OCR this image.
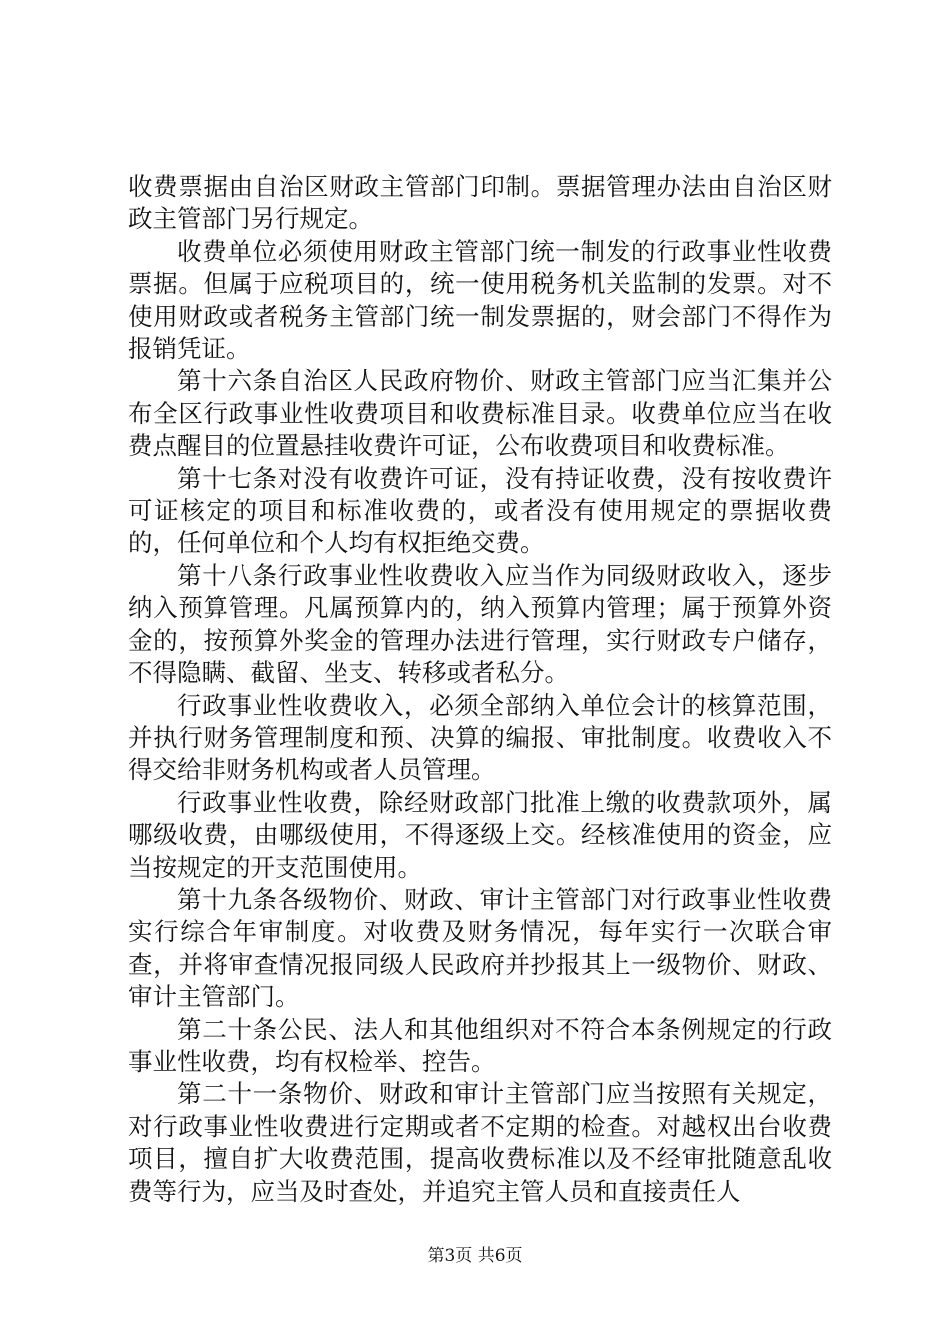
收费票据由自治区财政主管部门印制。票据管理办法由自治区财政主管部门另行规定。

收费单位必须使用财政主管部门统一制发的行政事业性收费票据。但属于应税项目的，统一使用税务机关监制的发票。对不使用财政或者税务主管部门统一制发票据的，财会部门不得作为报销凭证。

第十六条自治区人民政府物价、财政主管部门应当汇集并公布全区行政事业性收费项目和收费标准目录。收费单位应当在收费点醒目的位置悬挂收费许可证，公布收费项目和收费标准。

第十七条对没有收费许可证，没有持证收费，没有按收费许可证核定的项目和标准收费的，或者没有使用规定的票据收费的，任何单位和个人均有权拒绝交费。

第十八条行政事业性收费收入应当作为同级财政收入，逐步纳入预算管理。凡属预算内的，纳入预算内管理；属于预算外资金的，按预算外奖金的管理办法进行管理，实行财政专户储存，不得隐瞒、截留、坐支、转移或者私分。

行政事业性收费收入，必须全部纳入单位会计的核算范围，并执行财务管理制度和预、决算的编报、审批制度。收费收入不得交给非财务机构或者人员管理。

行政事业性收费，除经财政部门批准上缴的收费款项外，属哪级收费，由哪级使用，不得逐级上交。经核准使用的资金，应当按规定的开支范围使用。

第十九条各级物价、财政、审计主管部门对行政事业性收费实行综合年审制度。对收费及财务情况，每年实行一次联合审查，并将审查情况报同级人民政府并抄报其上一级物价、财政、审计主管部门。

第二十条公民、法人和其他组织对不符合本条例规定的行政事业性收费，均有权检举、控告。

第二十一条物价、财政和审计主管部门应当按照有关规定，对行政事业性收费进行定期或者不定期的检查。对越权出台收费项目，擅自扩大收费范围，提高收费标准以及不经审批随意乱收费等行为，应当及时查处，并追究主管人员和直接责任人

第3页 共6页
